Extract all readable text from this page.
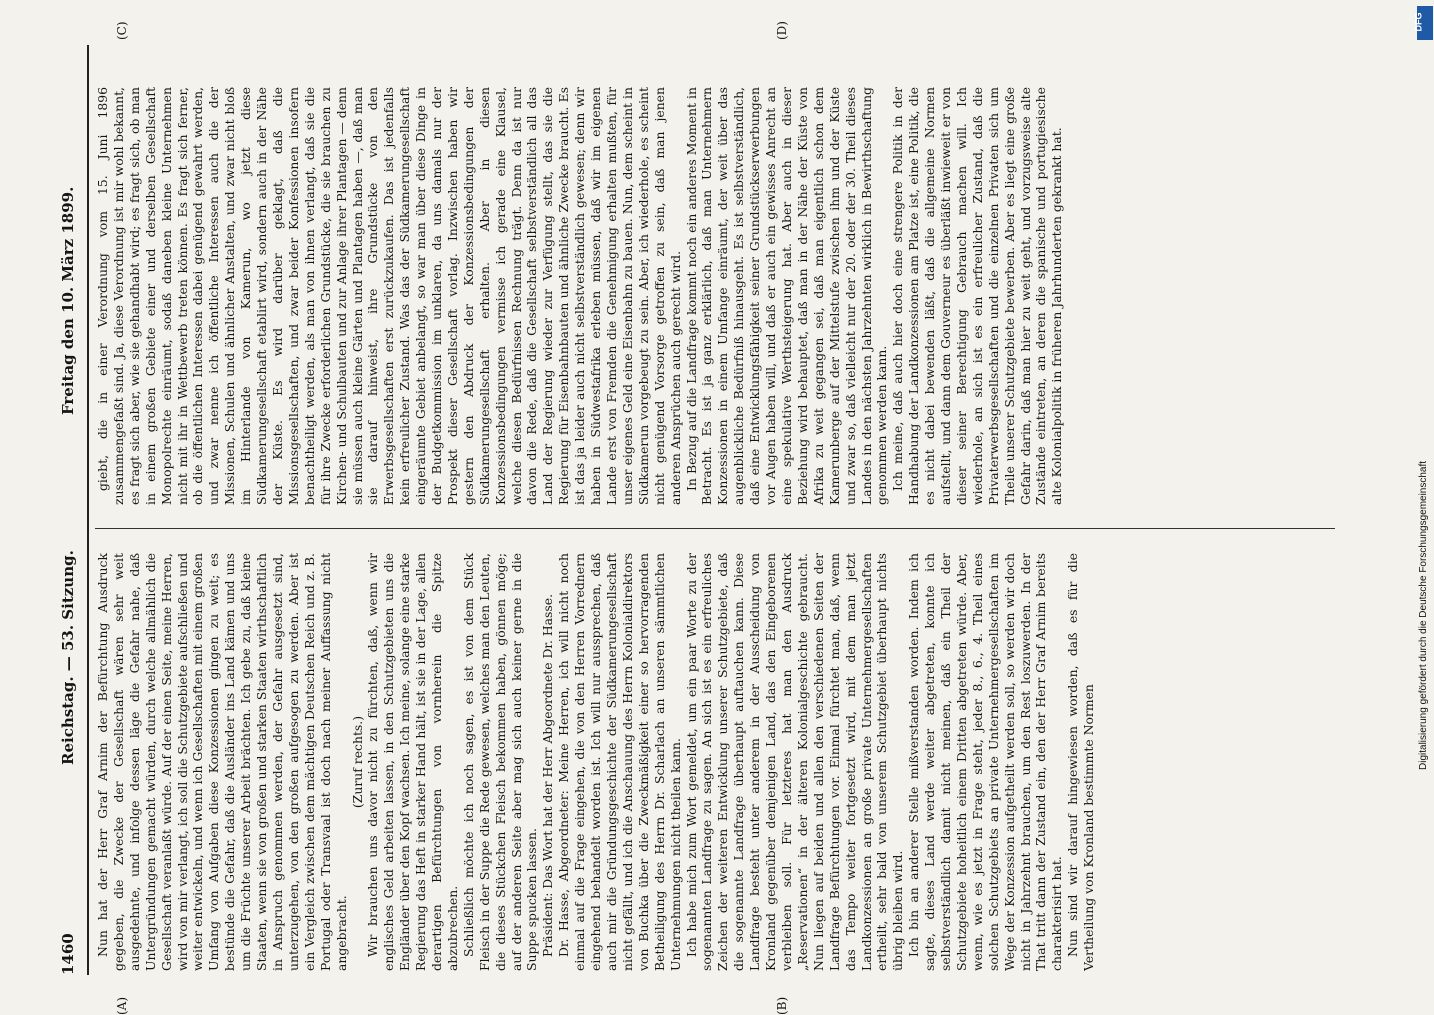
1460
Reichstag. — 53. Sitzung.
Freitag den 10. März 1899.

Nun hat der Herr Graf Arnim der Befürchtung Ausdruck gegeben, die Zwecke der Gesellschaft wären sehr weit ausgedehnte, und infolge dessen läge die Gefahr nahe, daß Untergründungen gemacht würden, durch welche allmählich die Gesellschaft veranlaßt würde. Auf der einen Seite, meine Herren, wird von mir verlangt, ich soll die Schutzgebiete aufschließen und weiter entwickeln, und wenn ich Gesellschaften mit einem großen Umfang von Aufgaben diese Konzessionen gingen zu weit; es bestünde die Gefahr, daß die Ausländer ins Land kämen und uns um die Früchte unserer Arbeit brächten. Ich gebe zu, daß kleine Staaten, wenn sie von großen und starken Staaten wirthschaftlich in Anspruch genommen werden, der Gefahr ausgesetzt sind, unterzugehen, von den großen aufgesogen zu werden. Aber ist ein Vergleich zwischen dem mächtigen Deutschen Reich und z. B. Portugal oder Transvaal ist doch nach meiner Auffassung nicht angebracht.

(Zuruf rechts.) Wir brauchen uns davor nicht zu fürchten, daß, wenn wir englisches Geld arbeiten lassen, in den Schutzgebieten uns die Engländer über den Kopf wachsen. Ich meine, solange eine starke Regierung das Heft in starker Hand hält, ist sie in der Lage, allen derartigen Befürchtungen von vornherein die Spitze abzubrechen. Schließlich möchte ich noch sagen, es ist von dem Stück Fleisch in der Suppe die Rede gewesen, welches man den Leuten, die dieses Stückchen Fleisch bekommen haben, gönnen möge; auf der anderen Seite aber mag sich auch keiner gerne in die Suppe spucken lassen. Präsident: Das Wort hat der Herr Abgeordnete Dr. Hasse. Dr. Hasse, Abgeordneter: Meine Herren, ich will nicht noch einmal auf die Frage eingehen, die von den Herren Vorrednern eingehend behandelt worden ist. Ich will nur aussprechen, daß auch mir die Gründungsgeschichte der Südkamerungesellschaft nicht gefällt, und ich die Anschauung des Herrn Kolonialdirektors von Buchka über die Zweckmäßigkeit einer so hervorragenden Betheiligung des Herrn Dr. Scharlach an unseren sämmtlichen Unternehmungen nicht theilen kann. Ich habe mich zum Wort gemeldet, um ein paar Worte zu der sogenannten Landfrage zu sagen. An sich ist es ein erfreuliches Zeichen der weiteren Entwicklung unserer Schutzgebiete, daß die sogenannte Landfrage überhaupt auftauchen kann. Diese Landfrage besteht unter anderem in der Ausscheidung von Kronland gegenüber demjenigen Land, das den Eingeborenen verbleiben soll. Für letzteres hat man den Ausdruck „Reservationen“ in der älteren Kolonialgeschichte gebraucht. Nun liegen auf beiden und allen den verschiedenen Seiten der Landfrage Befürchtungen vor. Einmal fürchtet man, daß, wenn das Tempo weiter fortgesetzt wird, mit dem man jetzt Landkonzessionen an große private Unternehmergesellschaften ertheilt, sehr bald von unserem Schutzgebiet überhaupt nichts übrig bleiben wird. Ich bin an anderer Stelle mißverstanden worden. Indem ich sagte, dieses Land werde weiter abgetreten, konnte ich selbstverständlich damit nicht meinen, daß ein Theil der Schutzgebiete hoheitlich einem Dritten abgetreten würde. Aber, wenn, wie es jetzt in Frage steht, jeder 8., 6., 4. Theil eines solchen Schutzgebiets an private Unternehmergesellschaften im Wege der Konzession aufgetheilt werden soll, so werden wir doch nicht in Jahrzehnt brauchen, um den Rest loszuwerden. In der That tritt dann der Zustand ein, den der Herr Graf Arnim bereits charakterisirt hat. Nun sind wir darauf hingewiesen worden, daß es für die Vertheilung von Kronland bestimmte Normen

giebt, die in einer Verordnung vom 15. Juni 1896 zusammengefaßt sind. Ja, diese Verordnung ist mir wohl bekannt, es fragt sich aber, wie sie gehandhabt wird; es fragt sich, ob man in einem großen Gebiete einer und derselben Gesellschaft Monopolrechte einräumt, sodaß daneben kleine Unternehmen nicht mit ihr in Wettbewerb treten können. Es fragt sich ferner, ob die öffentlichen Interessen dabei genügend gewahrt werden, und zwar nenne ich öffentliche Interessen auch die der Missionen, Schulen und ähnlicher Anstalten, und zwar nicht bloß im Hinterlande von Kamerun, wo jetzt diese Südkamerungesellschaft etablirt wird, sondern auch in der Nähe der Küste. Es wird darüber geklagt, daß die Missionsgesellschaften, und zwar beider Konfessionen insofern benachtheiligt werden, als man von ihnen verlangt, daß sie die für ihre Zwecke erforderlichen Grundstücke, die sie brauchen zu Kirchen- und Schulbauten und zur Anlage ihrer Plantagen — denn sie müssen auch kleine Gärten und Plantagen haben —, daß man sie darauf hinweist, ihre Grundstücke von den Erwerbsgesellschaften erst zurückzukaufen. Das ist jedenfalls kein erfreulicher Zustand. Was das der Südkamerungesellschaft eingeräumte Gebiet anbelangt, so war man über diese Dinge in der Budgetkommission im unklaren, da uns damals nur der Prospekt dieser Gesellschaft vorlag. Inzwischen haben wir gestern den Abdruck der Konzessionsbedingungen der Südkamerungesellschaft erhalten. Aber in diesen Konzessionsbedingungen vermisse ich gerade eine Klausel, welche diesen Bedürfnissen Rechnung trägt. Denn da ist nur davon die Rede, daß die Gesellschaft selbstverständlich all das Land der Regierung wieder zur Verfügung stellt, das sie die Regierung für Eisenbahnbauten und ähnliche Zwecke braucht. Es ist das ja leider auch nicht selbstverständlich gewesen; denn wir haben in Südwestafrika erleben müssen, daß wir im eigenen Lande erst von Fremden die Genehmigung erhalten mußten, für unser eigenes Geld eine Eisenbahn zu bauen. Nun, dem scheint in Südkamerun vorgebeugt zu sein. Aber, ich wiederhole, es scheint nicht genügend Vorsorge getroffen zu sein, daß man jenen anderen Ansprüchen auch gerecht wird. In Bezug auf die Landfrage kommt noch ein anderes Moment in Betracht. Es ist ja ganz erklärlich, daß man Unternehmern Konzessionen in einem Umfange einräumt, der weit über das augenblickliche Bedürfniß hinausgeht. Es ist selbstverständlich, daß eine Entwicklungsfähigkeit seiner Grundstückserwerbungen vor Augen haben will, und daß er auch ein gewisses Anrecht an eine spekulative Werthsteigerung hat. Aber auch in dieser Beziehung wird behauptet, daß man in der Nähe der Küste von Afrika zu weit gegangen sei, daß man eigentlich schon dem Kamerunberge auf der Mittelstufe zwischen ihm und der Küste und zwar so, daß vielleicht nur der 20. oder der 30. Theil dieses Landes in den nächsten Jahrzehnten wirklich in Bewirthschaftung genommen werden kann. Ich meine, daß auch hier doch eine strengere Politik in der Handhabung der Landkonzessionen am Platze ist, eine Politik, die es nicht dabei bewenden läßt, daß die allgemeine Normen aufstellt, und dann dem Gouverneur es überläßt inwieweit er von dieser seiner Berechtigung Gebrauch machen will. Ich wiederhole, an sich ist es ein erfreulicher Zustand, daß die Privaterwerbsgesellschaften und die einzelnen Privaten sich um Theile unserer Schutzgebiete bewerben. Aber es liegt eine große Gefahr darin, daß man hier zu weit geht, und vorzugsweise alte Zustände eintreten, an deren die spanische und portugiesische alte Kolonialpolitik in früheren Jahrhunderten gekrankt hat.

(A)	(B)
(C)	(D)	DFG
Digitalisierung gefördert durch die Deutsche Forschungsgemeinschaft
